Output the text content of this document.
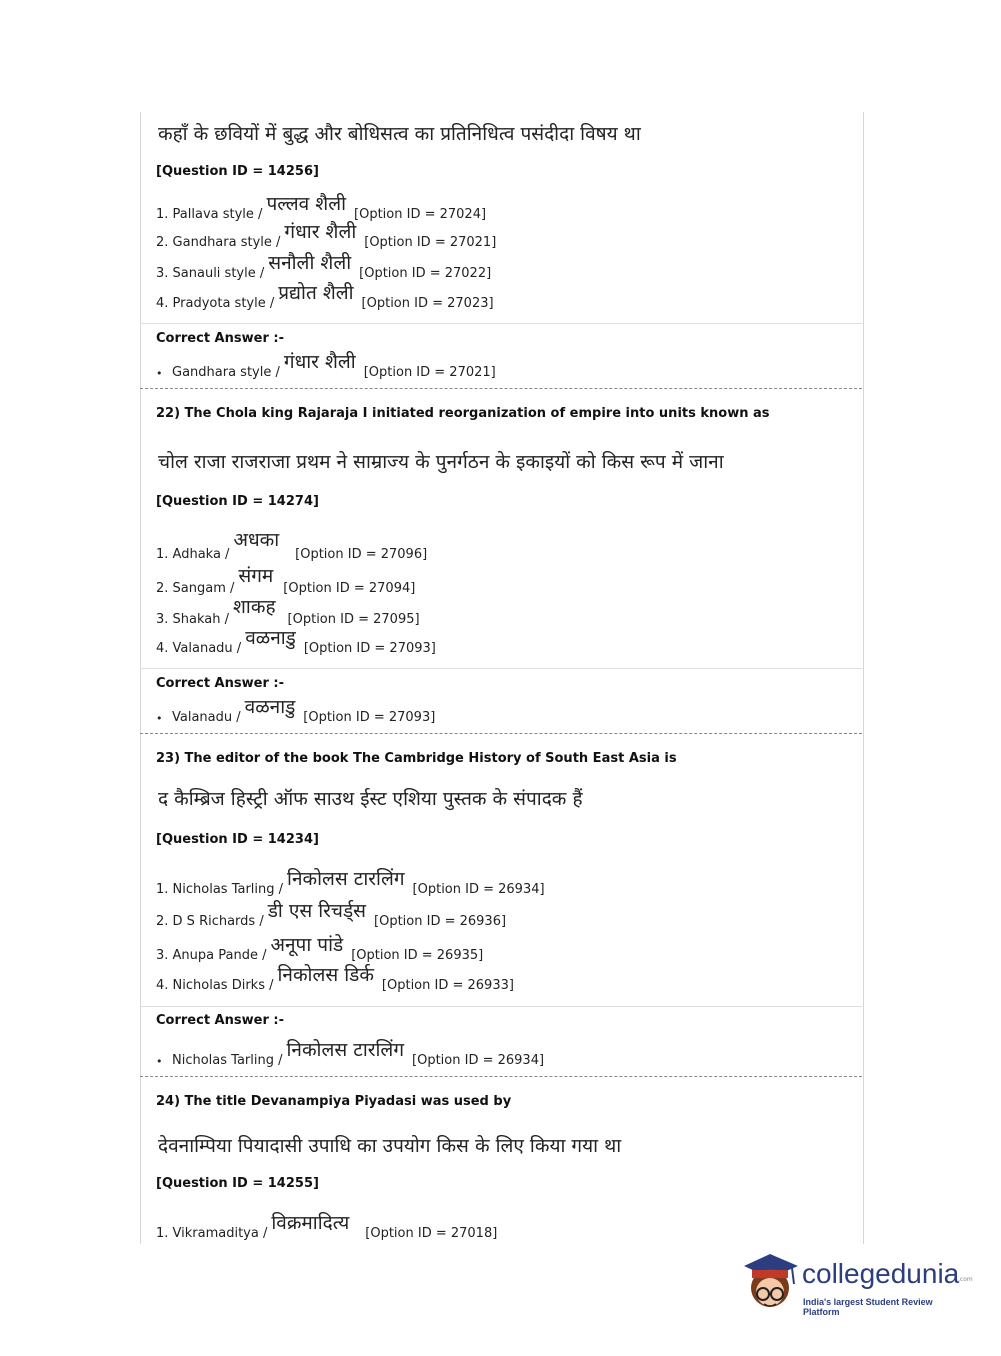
कहाँ के छवियों में बुद्ध और बोधिसत्व का प्रतिनिधित्व पसंदीदा विषय था
[Question ID = 14256]
1. Pallava style / पल्लव शैली [Option ID = 27024]
2. Gandhara style / गंधार शैली [Option ID = 27021]
3. Sanauli style / सनौली शैली [Option ID = 27022]
4. Pradyota style / प्रद्योत शैली [Option ID = 27023]
Correct Answer :-
• Gandhara style / गंधार शैली [Option ID = 27021]
22) The Chola king Rajaraja I initiated reorganization of empire into units known as
चोल राजा राजराजा प्रथम ने साम्राज्य के पुनर्गठन के इकाइयों को किस रूप में जाना
[Question ID = 14274]
1. Adhaka /
अधका
[Option ID = 27096]
2. Sangam /
संगम
[Option ID = 27094]
3. Shakah /
शाकह
[Option ID = 27095]
4. Valanadu / वळनाडु [Option ID = 27093]
Correct Answer :-
• Valanadu / वळनाडु [Option ID = 27093]
23) The editor of the book The Cambridge History of South East Asia is
द कैम्ब्रिज हिस्ट्री ऑफ साउथ ईस्ट एशिया पुस्तक के संपादक हैं
[Question ID = 14234]
1. Nicholas Tarling / निकोलस टारलिंग [Option ID = 26934]
2. D S Richards / डी एस रिचर्ड्स [Option ID = 26936]
3. Anupa Pande / अनूपा पांडे [Option ID = 26935]
4. Nicholas Dirks / निकोलस डिर्क [Option ID = 26933]
Correct Answer :-
• Nicholas Tarling / निकोलस टारलिंग [Option ID = 26934]
24) The title Devanampiya Piyadasi was used by
देवनाम्पिया पियादासी उपाधि का उपयोग किस के लिए किया गया था
[Question ID = 14255]
1. Vikramaditya / विक्रमादित्य [Option ID = 27018]
collegedunia
.com
India's largest Student Review Platform
